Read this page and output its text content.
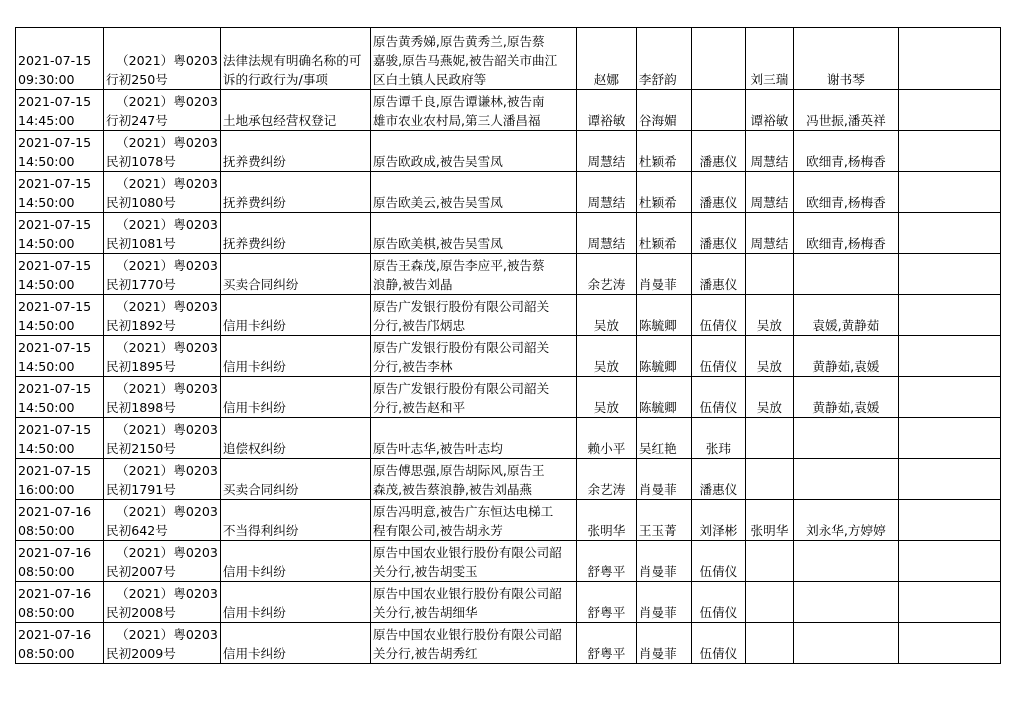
2021-07-15
09:30:00	（2021）粤0203
行初250号	法律法规有明确名称的可
诉的行政行为/事项	原告黄秀娣,原告黄秀兰,原告蔡
嘉骏,原告马燕妮,被告韶关市曲江
区白土镇人民政府等	赵娜	李舒韵		刘三瑞	谢书琴	

2021-07-15
14:45:00	（2021）粤0203
行初247号	土地承包经营权登记	原告谭千良,原告谭谦林,被告南
雄市农业农村局,第三人潘昌福	谭裕敏	谷海媚		谭裕敏	冯世振,潘英祥	

2021-07-15
14:50:00	（2021）粤0203
民初1078号	抚养费纠纷	原告欧政成,被告吴雪凤	周慧结	杜颖希	潘惠仪	周慧结	欧细青,杨梅香	

2021-07-15
14:50:00	（2021）粤0203
民初1080号	抚养费纠纷	原告欧美云,被告吴雪凤	周慧结	杜颖希	潘惠仪	周慧结	欧细青,杨梅香	

2021-07-15
14:50:00	（2021）粤0203
民初1081号	抚养费纠纷	原告欧美棋,被告吴雪凤	周慧结	杜颖希	潘惠仪	周慧结	欧细青,杨梅香	

2021-07-15
14:50:00	（2021）粤0203
民初1770号	买卖合同纠纷	原告王森茂,原告李应平,被告蔡
浪静,被告刘晶	余艺涛	肖曼菲	潘惠仪			

2021-07-15
14:50:00	（2021）粤0203
民初1892号	信用卡纠纷	原告广发银行股份有限公司韶关
分行,被告邝炳忠	吴放	陈毓卿	伍倩仪	吴放	袁媛,黄静茹	

2021-07-15
14:50:00	（2021）粤0203
民初1895号	信用卡纠纷	原告广发银行股份有限公司韶关
分行,被告李林	吴放	陈毓卿	伍倩仪	吴放	黄静茹,袁媛	

2021-07-15
14:50:00	（2021）粤0203
民初1898号	信用卡纠纷	原告广发银行股份有限公司韶关
分行,被告赵和平	吴放	陈毓卿	伍倩仪	吴放	黄静茹,袁媛	

2021-07-15
14:50:00	（2021）粤0203
民初2150号	追偿权纠纷	原告叶志华,被告叶志均	赖小平	吴红艳	张玮			

2021-07-15
16:00:00	（2021）粤0203
民初1791号	买卖合同纠纷	原告傅思强,原告胡际风,原告王
森茂,被告蔡浪静,被告刘晶燕	余艺涛	肖曼菲	潘惠仪			

2021-07-16
08:50:00	（2021）粤0203
民初642号	不当得利纠纷	原告冯明意,被告广东恒达电梯工
程有限公司,被告胡永芳	张明华	王玉菁	刘泽彬	张明华	刘永华,方婷婷	

2021-07-16
08:50:00	（2021）粤0203
民初2007号	信用卡纠纷	原告中国农业银行股份有限公司韶
关分行,被告胡雯玉	舒粤平	肖曼菲	伍倩仪			

2021-07-16
08:50:00	（2021）粤0203
民初2008号	信用卡纠纷	原告中国农业银行股份有限公司韶
关分行,被告胡细华	舒粤平	肖曼菲	伍倩仪			

2021-07-16
08:50:00	（2021）粤0203
民初2009号	信用卡纠纷	原告中国农业银行股份有限公司韶
关分行,被告胡秀红	舒粤平	肖曼菲	伍倩仪			
